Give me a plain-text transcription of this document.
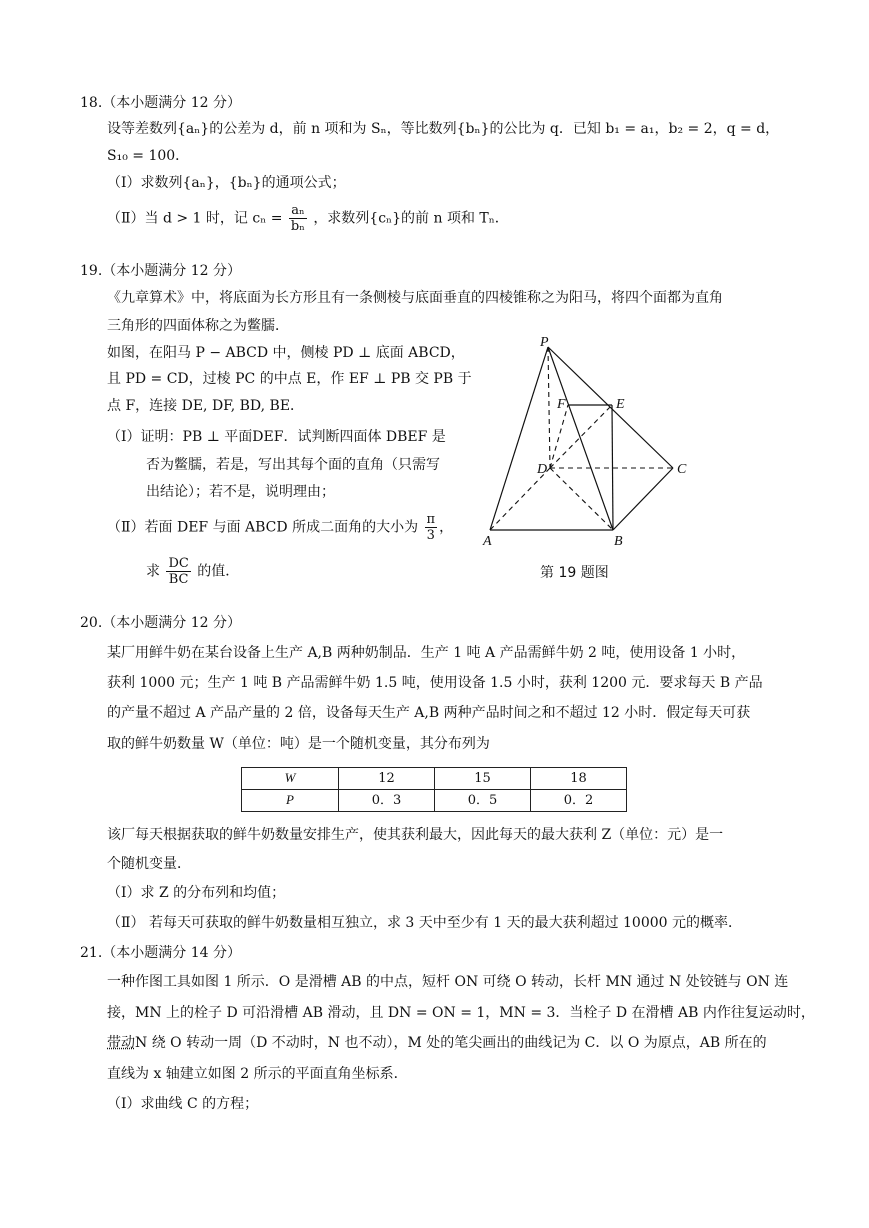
18.（本小题满分 12 分）
设等差数列{aₙ}的公差为 d，前 n 项和为 Sₙ，等比数列{bₙ}的公比为 q．已知 b₁ = a₁，b₂ = 2，q = d，
S₁₀ = 100．
（Ⅰ）求数列{aₙ}，{bₙ}的通项公式；
（Ⅱ）当 d > 1 时，记 $c_n = \frac{\text{aₙ}}{\text{bₙ}}$ ，求数列{cₙ}的前 n 项和 Tₙ．
19.（本小题满分 12 分）
《九章算术》中，将底面为长方形且有一条侧棱与底面垂直的四棱锥称之为阳马，将四个面都为直角
三角形的四面体称之为鳖臑．
如图，在阳马 P − ABCD 中，侧棱 PD ⊥ 底面 ABCD，
且 PD = CD，过棱 PC 的中点 E，作 EF ⊥ PB 交 PB 于
点 F，连接 DE, DF, BD, BE．
（Ⅰ）证明：PB ⊥ 平面DEF．试判断四面体 DBEF 是
否为鳖臑，若是，写出其每个面的直角（只需写
出结论）；若不是，说明理由；
（Ⅱ）若面 DEF 与面 ABCD 所成二面角的大小为 $\frac{\pi}{3}$ ，
求 $\frac{DC}{BC}$ 的值．
P
E
F
D	C
A	B
第 19 题图
20.（本小题满分 12 分）
某厂用鲜牛奶在某台设备上生产 A,B 两种奶制品．生产 1 吨 A 产品需鲜牛奶 2 吨，使用设备 1 小时，
获利 1000 元；生产 1 吨 B 产品需鲜牛奶 1.5 吨，使用设备 1.5 小时，获利 1200 元．要求每天 B 产品
的产量不超过 A 产品产量的 2 倍，设备每天生产 A,B 两种产品时间之和不超过 12 小时．假定每天可获
取的鲜牛奶数量 W（单位：吨）是一个随机变量，其分布列为
W	12	15	18
P	0．3	0．5	0．2
该厂每天根据获取的鲜牛奶数量安排生产，使其获利最大，因此每天的最大获利 Z（单位：元）是一
个随机变量．
（Ⅰ）求 Z 的分布列和均值；
（Ⅱ） 若每天可获取的鲜牛奶数量相互独立，求 3 天中至少有 1 天的最大获利超过 10000 元的概率．
21.（本小题满分 14 分）
一种作图工具如图 1 所示．O 是滑槽 AB 的中点，短杆 ON 可绕 O 转动，长杆 MN 通过 N 处铰链与 ON 连
接，MN 上的栓子 D 可沿滑槽 AB 滑动，且 DN = ON = 1，MN = 3．当栓子 D 在滑槽 AB 内作往复运动时，
带动N 绕 O 转动一周（D 不动时，N 也不动），M 处的笔尖画出的曲线记为 C．以 O 为原点，AB 所在的
直线为 x 轴建立如图 2 所示的平面直角坐标系．
（Ⅰ）求曲线 C 的方程；
